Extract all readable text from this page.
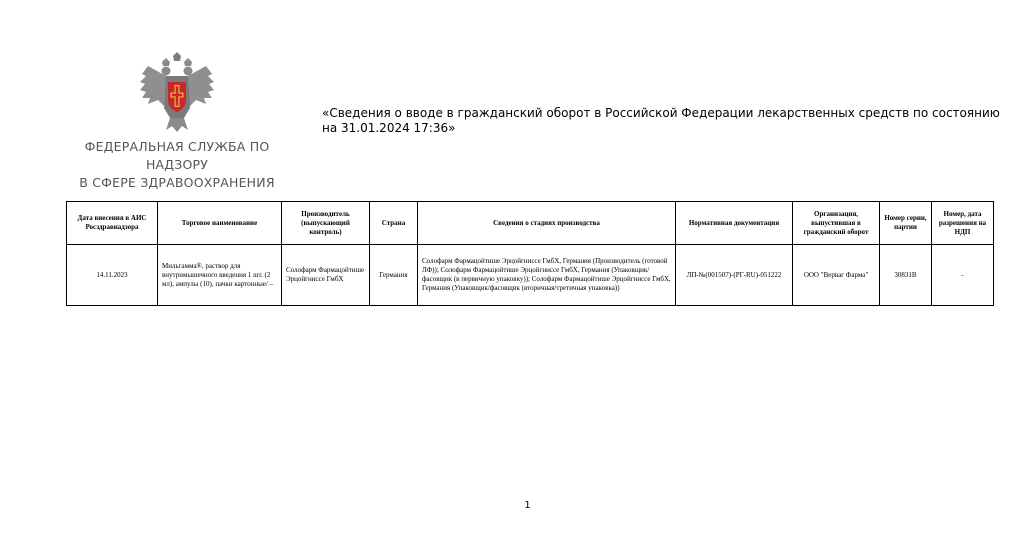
ФЕДЕРАЛЬНАЯ СЛУЖБА ПО НАДЗОРУ
В СФЕРЕ ЗДРАВООХРАНЕНИЯ
«Сведения о вводе в гражданский оборот в Российской Федерации лекарственных средств по состоянию на 31.01.2024 17:36»
Дата внесения в АИС Росздравнадзора	Торговое наименование	Производитель (выпускающий контроль)	Страна	Сведения о стадиях производства	Нормативная документация	Организация, выпустившая в гражданский оборот	Номер серии, партии	Номер, дата разрешения на НДП
14.11.2023	Мильгамма®, раствор для внутримышечного введения 1 шт. (2 мл), ампулы (10), пачки картонные/ –	Солофарм Фармацойтише Эрцойгниссе ГмбХ	Германия	Солофарм Фармацойтише Эрцойгниссе ГмбХ, Германия (Производитель (готовой ЛФ)); Солофарм Фармацойтише Эрцойгниссе ГмбХ, Германия (Упаковщик/фасовщик (в первичную упаковку)); Солофарм Фармацойтише Эрцойгниссе ГмбХ, Германия (Упаковщик/фасовщик (вторичная/третичная упаковка))	ЛП-№(001507)-(РГ-RU)-051222	ООО "Верваг Фарма"	30831B	-
1
